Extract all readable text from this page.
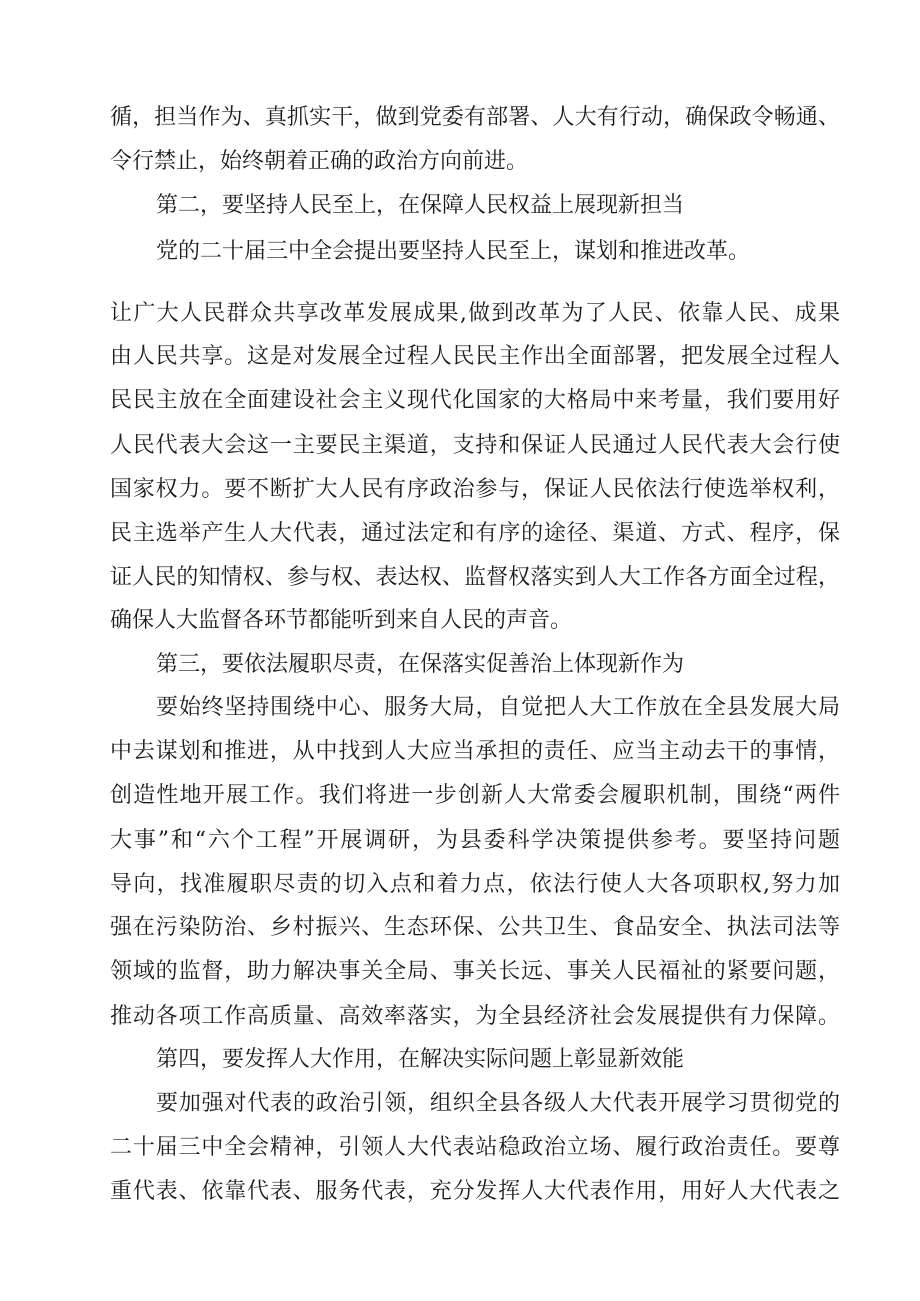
循，担当作为、真抓实干，做到党委有部署、人大有行动，确保政令畅通、
令行禁止，始终朝着正确的政治方向前进。
第二，要坚持人民至上，在保障人民权益上展现新担当
党的二十届三中全会提出要坚持人民至上，谋划和推进改革。
让广大人民群众共享改革发展成果,做到改革为了人民、依靠人民、成果
由人民共享。这是对发展全过程人民民主作出全面部署，把发展全过程人
民民主放在全面建设社会主义现代化国家的大格局中来考量，我们要用好
人民代表大会这一主要民主渠道，支持和保证人民通过人民代表大会行使
国家权力。要不断扩大人民有序政治参与，保证人民依法行使选举权利，
民主选举产生人大代表，通过法定和有序的途径、渠道、方式、程序，保
证人民的知情权、参与权、表达权、监督权落实到人大工作各方面全过程，
确保人大监督各环节都能听到来自人民的声音。
第三，要依法履职尽责，在保落实促善治上体现新作为
要始终坚持围绕中心、服务大局，自觉把人大工作放在全县发展大局
中去谋划和推进，从中找到人大应当承担的责任、应当主动去干的事情，
创造性地开展工作。我们将进一步创新人大常委会履职机制，围绕“两件
大事”和“六个工程”开展调研，为县委科学决策提供参考。要坚持问题
导向，找准履职尽责的切入点和着力点，依法行使人大各项职权,努力加
强在污染防治、乡村振兴、生态环保、公共卫生、食品安全、执法司法等
领域的监督，助力解决事关全局、事关长远、事关人民福祉的紧要问题，
推动各项工作高质量、高效率落实，为全县经济社会发展提供有力保障。
第四，要发挥人大作用，在解决实际问题上彰显新效能
要加强对代表的政治引领，组织全县各级人大代表开展学习贯彻党的
二十届三中全会精神，引领人大代表站稳政治立场、履行政治责任。要尊
重代表、依靠代表、服务代表，充分发挥人大代表作用，用好人大代表之
